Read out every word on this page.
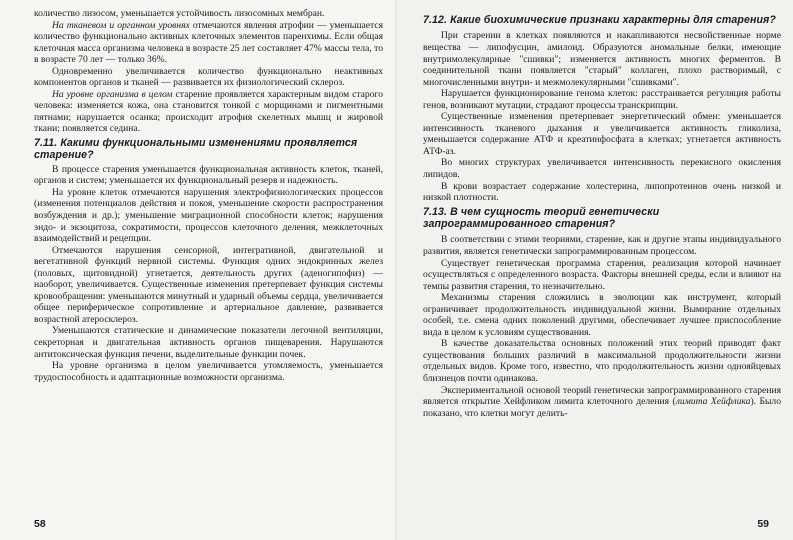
количество лизосом, уменьшается устойчивость лизосомных мембран.

На тканевом и органном уровнях отмечаются явления атрофии — уменьшается количество функционально активных клеточных элементов паренхимы. Если общая клеточная масса организма человека в возрасте 25 лет составляет 47% массы тела, то в возрасте 70 лет — только 36%.

Одновременно увеличивается количество функционально неактивных компонентов органов и тканей — развивается их физиологический склероз.

На уровне организма в целом старение проявляется характерным видом старого человека: изменяется кожа, она становится тонкой с морщинами и пигментными пятнами; нарушается осанка; происходит атрофия скелетных мышц и жировой ткани; появляется седина.

7.11. Какими функциональными изменениями проявляется старение?

В процессе старения уменьшается функциональная активность клеток, тканей, органов и систем; уменьшается их функциональный резерв и надежность.

На уровне клеток отмечаются нарушения электрофизиологических процессов (изменения потенциалов действия и покоя, уменьшение скорости распространения возбуждения и др.); уменьшение миграционной способности клеток; нарушения эндо- и экзоцитоза, сократимости, процессов клеточного деления, межклеточных взаимодействий и рецепции.

Отмечаются нарушения сенсорной, интегративной, двигательной и вегетативной функций нервной системы. Функция одних эндокринных желез (половых, щитовидной) угнетается, деятельность других (аденогипофиз) — наоборот, увеличивается. Существенные изменения претерпевает функция системы кровообращения: уменьшаются минутный и ударный объемы сердца, увеличивается общее периферическое сопротивление и артериальное давление, развивается возрастной атеросклероз.

Уменьшаются статические и динамические показатели легочной вентиляции, секреторная и двигательная активность органов пищеварения. Нарушаются антитоксическая функция печени, выделительные функции почек.

На уровне организма в целом увеличивается утомляемость, уменьшается трудоспособность и адаптационные возможности организма.

58
7.12. Какие биохимические признаки характерны для старения?

При старении в клетках появляются и накапливаются несвойственные норме вещества — липофусцин, амилоид. Образуются аномальные белки, имеющие внутримолекулярные "сшивки"; изменяется активность многих ферментов. В соединительной ткани появляется "старый" коллаген, плохо растворимый, с многочисленными внутри- и межмолекулярными "сшивками".

Нарушается функционирование генома клеток: расстраивается регуляция работы генов, возникают мутации, страдают процессы транскрипции.

Существенные изменения претерпевает энергетический обмен: уменьшается интенсивность тканевого дыхания и увеличивается активность гликолиза, уменьшается содержание АТФ и креатинфосфата в клетках; угнетается активность АТФ-аз.

Во многих структурах увеличивается интенсивность перекисного окисления липидов.

В крови возрастает содержание холестерина, липопротеинов очень низкой и низкой плотности.

7.13. В чем сущность теорий генетически запрограммированного старения?

В соответствии с этими теориями, старение, как и другие этапы индивидуального развития, является генетически запрограммированным процессом.

Существует генетическая программа старения, реализация которой начинает осуществляться с определенного возраста. Факторы внешней среды, если и влияют на темпы развития старения, то незначительно.

Механизмы старения сложились в эволюции как инструмент, который ограничивает продолжительность индивидуальной жизни. Вымирание отдельных особей, т.е. смена одних поколений другими, обеспечивает лучшее приспособление вида в целом к условиям существования.

В качестве доказательства основных положений этих теорий приводят факт существования больших различий в максимальной продолжительности жизни отдельных видов. Кроме того, известно, что продолжительность жизни однояйцевых близнецов почти одинакова.

Экспериментальной основой теорий генетически запрограммированного старения является открытие Хейфликом лимита клеточного деления (лимита Хейфлика). Было показано, что клетки могут делить-

59
